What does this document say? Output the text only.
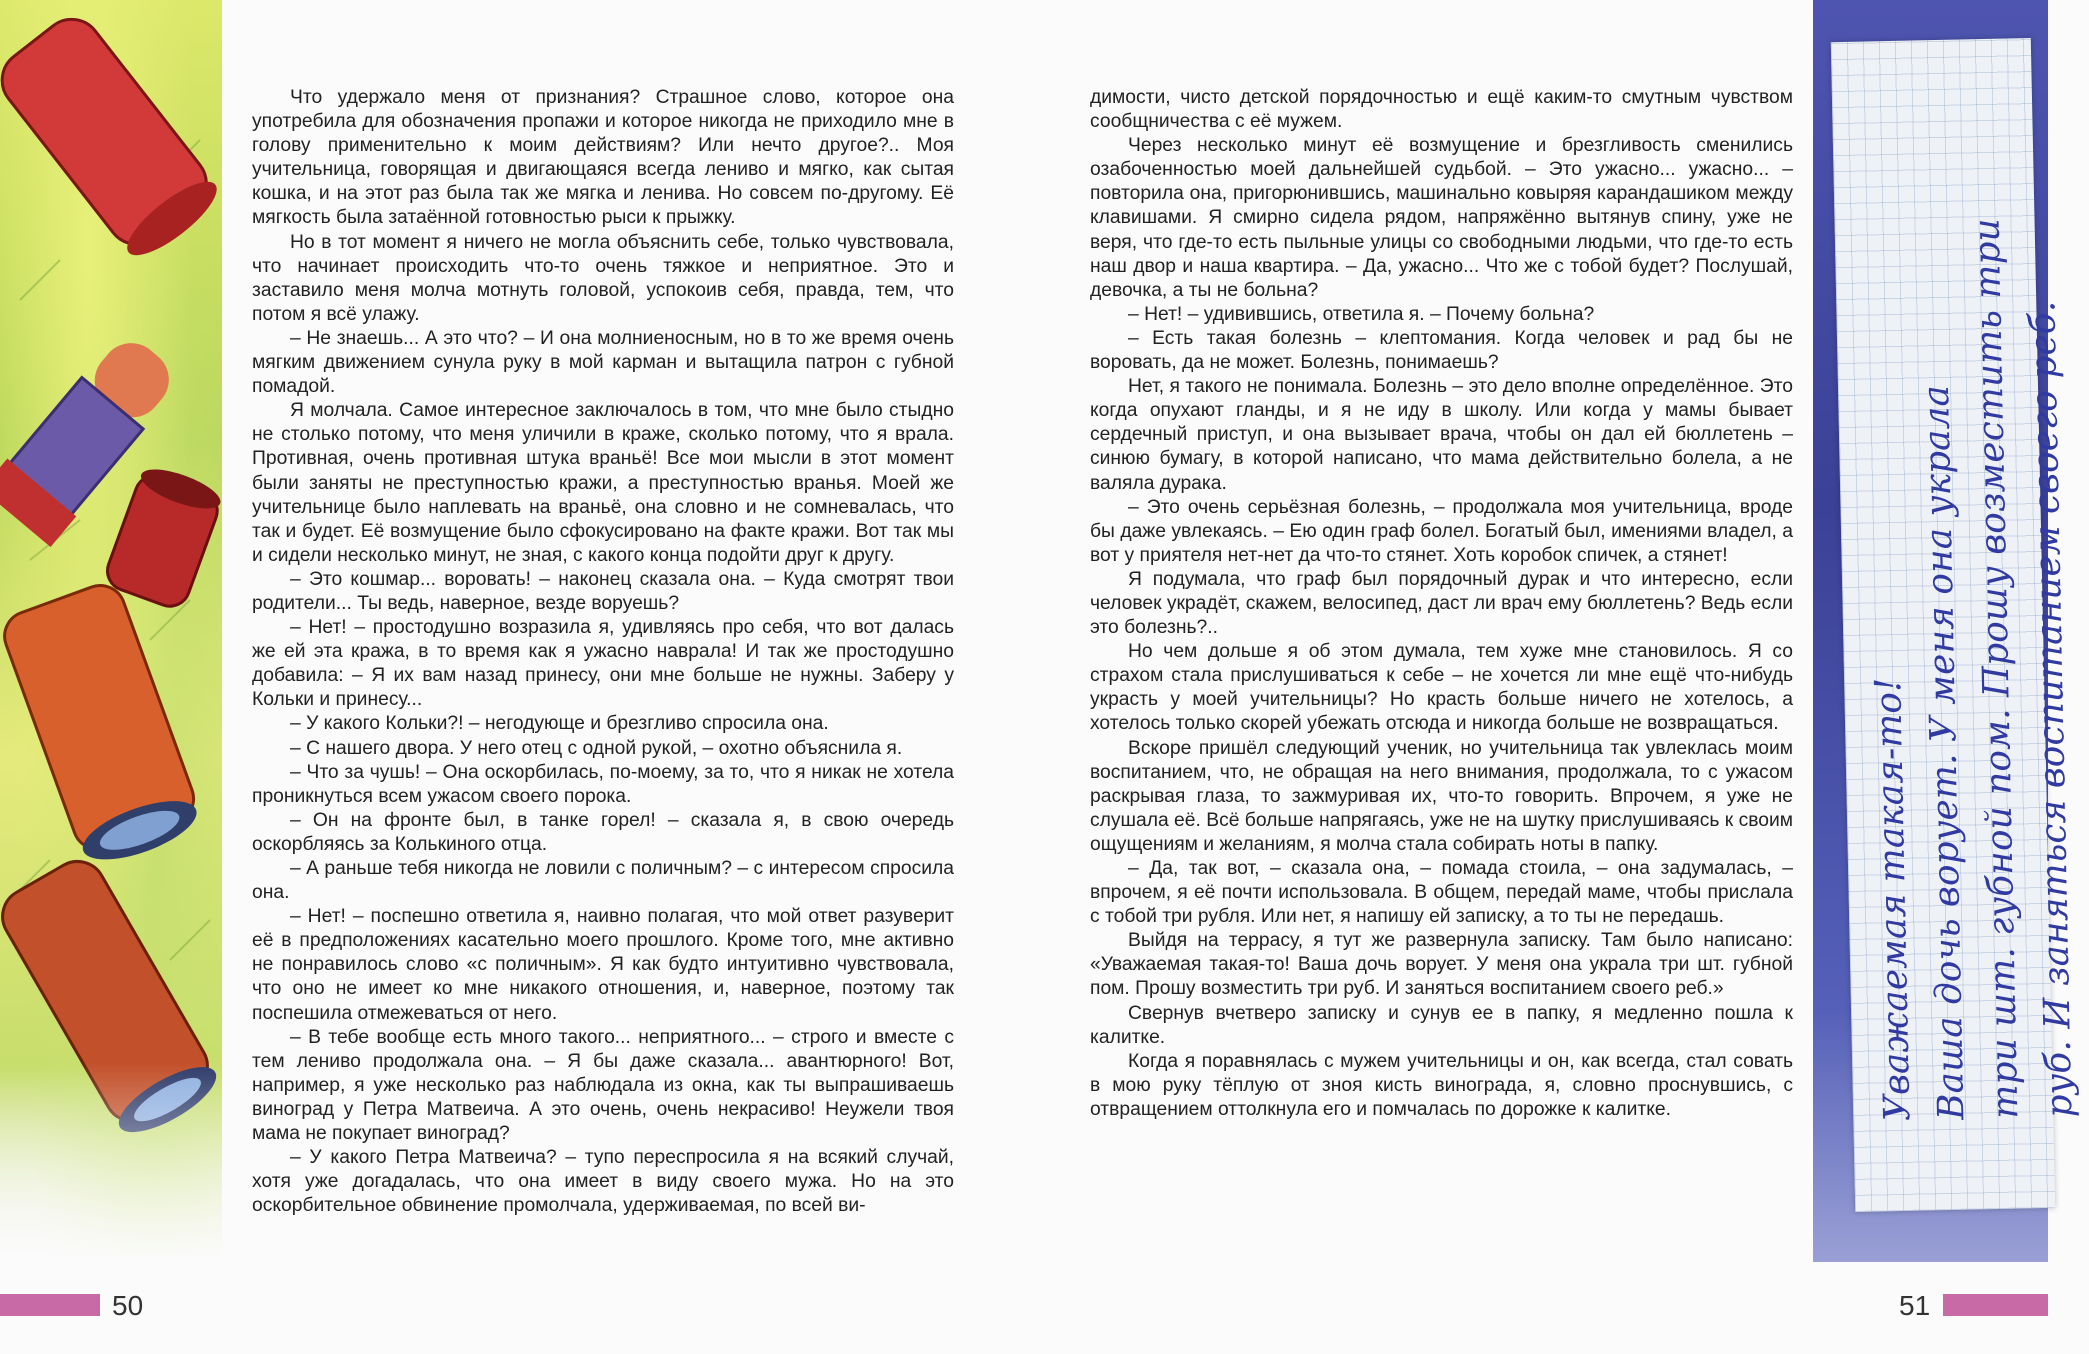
Что удержало меня от признания? Страшное слово, которое она употребила для обозначения пропажи и которое никогда не приходило мне в голову применительно к моим действиям? Или нечто другое?.. Моя учительница, говорящая и двигающаяся всегда лениво и мягко, как сытая кошка, и на этот раз была так же мягка и ленива. Но совсем по-другому. Её мягкость была затаённой готовностью рыси к прыжку.

Но в тот момент я ничего не могла объяснить себе, только чувствовала, что начинает происходить что-то очень тяжкое и неприятное. Это и заставило меня молча мотнуть головой, успокоив себя, правда, тем, что потом я всё улажу.

– Не знаешь... А это что? – И она молниеносным, но в то же время очень мягким движением сунула руку в мой карман и вытащила патрон с губной помадой.

Я молчала. Самое интересное заключалось в том, что мне было стыдно не столько потому, что меня уличили в краже, сколько потому, что я врала. Противная, очень противная штука враньё! Все мои мысли в этот момент были заняты не преступностью кражи, а преступностью вранья. Моей же учительнице было наплевать на враньё, она словно и не сомневалась, что так и будет. Её возмущение было сфокусировано на факте кражи. Вот так мы и сидели несколько минут, не зная, с какого конца подойти друг к другу.

– Это кошмар... воровать! – наконец сказала она. – Куда смотрят твои родители... Ты ведь, наверное, везде воруешь?

– Нет! – простодушно возразила я, удивляясь про себя, что вот далась же ей эта кража, в то время как я ужасно наврала! И так же простодушно добавила: – Я их вам назад принесу, они мне больше не нужны. Заберу у Кольки и принесу...

– У какого Кольки?! – негодующе и брезгливо спросила она.

– С нашего двора. У него отец с одной рукой, – охотно объяснила я.

– Что за чушь! – Она оскорбилась, по-моему, за то, что я никак не хотела проникнуться всем ужасом своего порока.

– Он на фронте был, в танке горел! – сказала я, в свою очередь оскорбляясь за Колькиного отца.

– А раньше тебя никогда не ловили с поличным? – с интересом спросила она.

– Нет! – поспешно ответила я, наивно полагая, что мой ответ разуверит её в предположениях касательно моего прошлого. Кроме того, мне активно не понравилось слово «с поличным». Я как будто интуитивно чувствовала, что оно не имеет ко мне никакого отношения, и, наверное, поэтому так поспешила отмежеваться от него.

– В тебе вообще есть много такого... неприятного... – строго и вместе с тем лениво продолжала она. – Я бы даже сказала... авантюрного! Вот, например, я уже несколько раз наблюдала из окна, как ты выпрашиваешь виноград у Петра Матвеича. А это очень, очень некрасиво! Неужели твоя мама не покупает виноград?

– У какого Петра Матвеича? – тупо переспросила я на всякий случай, хотя уже догадалась, что она имеет в виду своего мужа. Но на это оскорбительное обвинение промолчала, удерживаемая, по всей ви-

димости, чисто детской порядочностью и ещё каким-то смутным чувством сообщничества с её мужем.

Через несколько минут её возмущение и брезгливость сменились озабоченностью моей дальнейшей судьбой. – Это ужасно... ужасно... – повторила она, пригорюнившись, машинально ковыряя карандашиком между клавишами. Я смирно сидела рядом, напряжённо вытянув спину, уже не веря, что где-то есть пыльные улицы со свободными людьми, что где-то есть наш двор и наша квартира. – Да, ужасно... Что же с тобой будет? Послушай, девочка, а ты не больна?

– Нет! – удивившись, ответила я. – Почему больна?

– Есть такая болезнь – клептомания. Когда человек и рад бы не воровать, да не может. Болезнь, понимаешь?

Нет, я такого не понимала. Болезнь – это дело вполне определённое. Это когда опухают гланды, и я не иду в школу. Или когда у мамы бывает сердечный приступ, и она вызывает врача, чтобы он дал ей бюллетень – синюю бумагу, в которой написано, что мама действительно болела, а не валяла дурака.

– Это очень серьёзная болезнь, – продолжала моя учительница, вроде бы даже увлекаясь. – Ею один граф болел. Богатый был, имениями владел, а вот у приятеля нет-нет да что-то стянет. Хоть коробок спичек, а стянет!

Я подумала, что граф был порядочный дурак и что интересно, если человек украдёт, скажем, велосипед, даст ли врач ему бюллетень? Ведь если это болезнь?..

Но чем дольше я об этом думала, тем хуже мне становилось. Я со страхом стала прислушиваться к себе – не хочется ли мне ещё что-нибудь украсть у моей учительницы? Но красть больше ничего не хотелось, а хотелось только скорей убежать отсюда и никогда больше не возвращаться.

Вскоре пришёл следующий ученик, но учительница так увлеклась моим воспитанием, что, не обращая на него внимания, продолжала, то с ужасом раскрывая глаза, то зажмуривая их, что-то говорить. Впрочем, я уже не слушала её. Всё больше напрягаясь, уже не на шутку прислушиваясь к своим ощущениям и желаниям, я молча стала собирать ноты в папку.

– Да, так вот, – сказала она, – помада стоила, – она задумалась, – впрочем, я её почти использовала. В общем, передай маме, чтобы прислала с тобой три рубля. Или нет, я напишу ей записку, а то ты не передашь.

Выйдя на террасу, я тут же развернула записку. Там было написано: «Уважаемая такая-то! Ваша дочь ворует. У меня она украла три шт. губной пом. Прошу возместить три руб. И заняться воспитанием своего реб.»

Свернув вчетверо записку и сунув ее в папку, я медленно пошла к калитке.

Когда я поравнялась с мужем учительницы и он, как всегда, стал совать в мою руку тёплую от зноя кисть винограда, я, словно проснувшись, с отвращением оттолкнула его и помчалась по дорожке к калитке.	Уважаемая такая-то!
Ваша дочь ворует. У меня она украла
три шт. губной пом. Прошу возместить три
руб. И заняться воспитанием своего реб.
50	51
